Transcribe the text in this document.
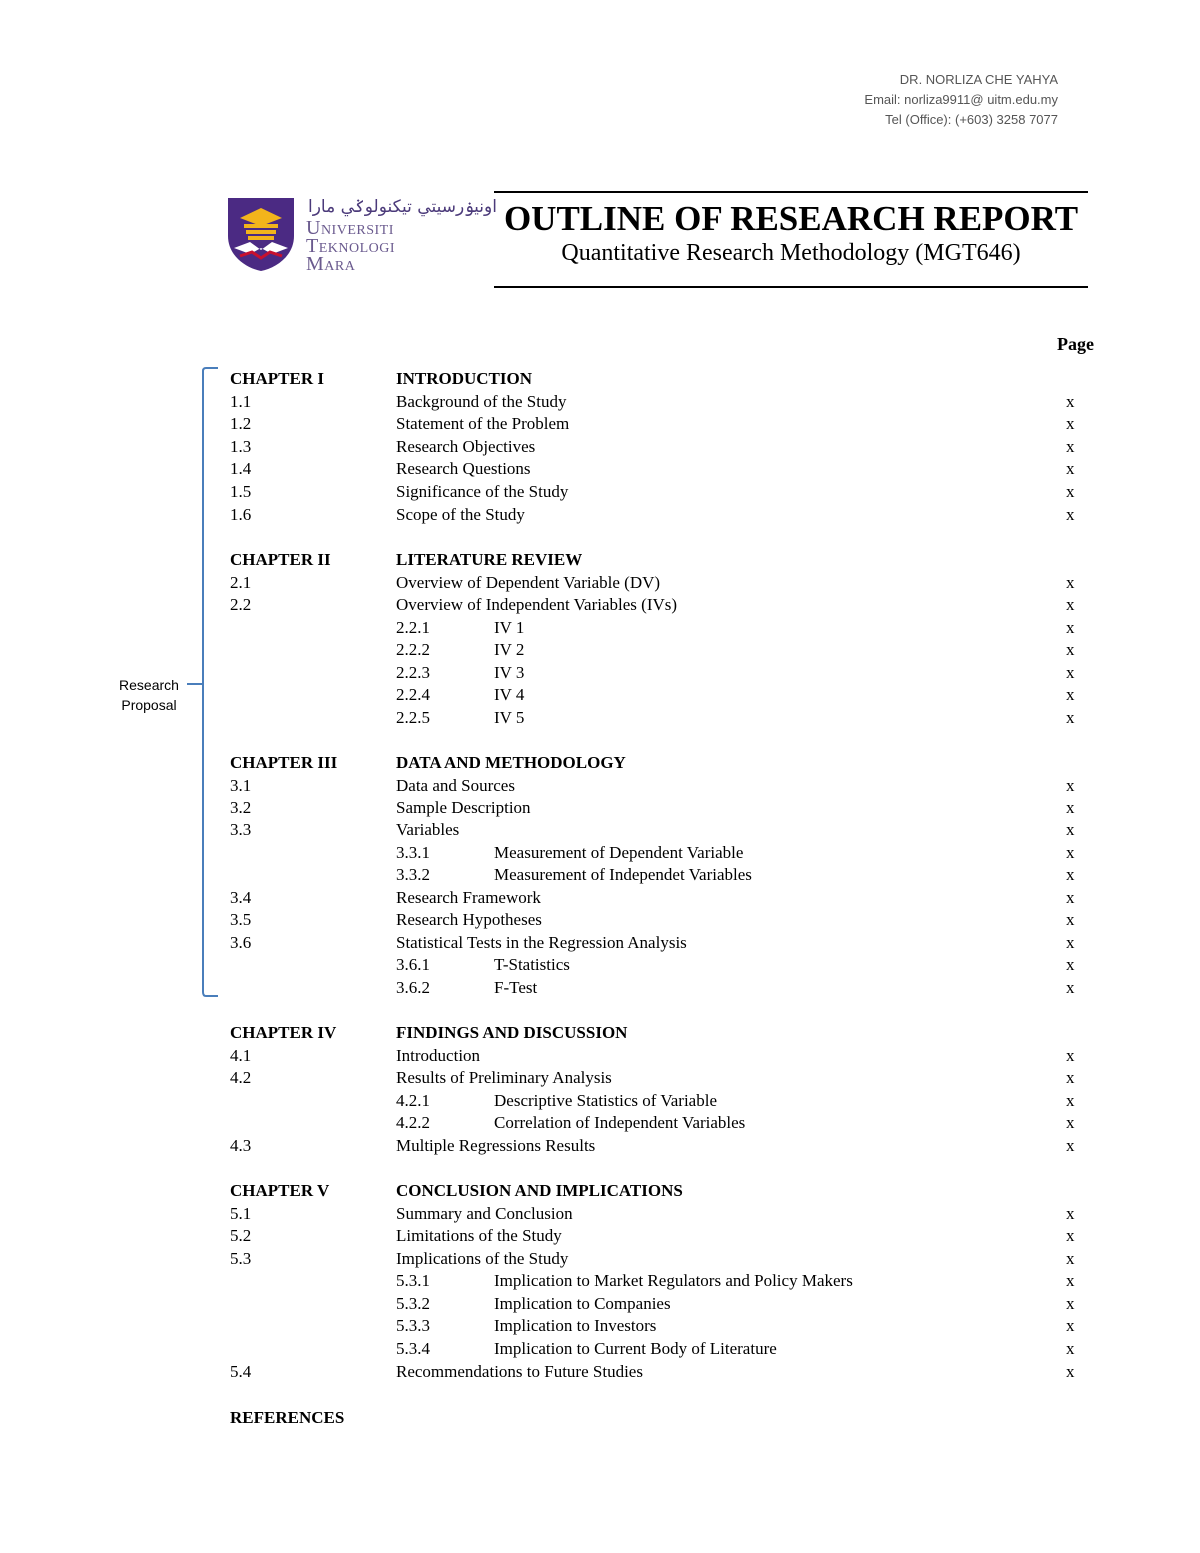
DR. NORLIZA CHE YAHYA
Email: norliza9911@ uitm.edu.my
Tel (Office): (+603) 3258 7077
اونيۏرسيتي تيكنولوݢي مارا
Universiti
Teknologi
Mara
OUTLINE OF RESEARCH REPORT
Quantitative Research Methodology (MGT646)
Page
Research
Proposal
CHAPTER I	INTRODUCTION
1.1	Background of the Study	x
1.2	Statement of the Problem	x
1.3	Research Objectives	x
1.4	Research Questions	x
1.5	Significance of the Study	x
1.6	Scope of the Study	x
CHAPTER II	LITERATURE REVIEW
2.1	Overview of Dependent Variable (DV)	x
2.2	Overview of Independent Variables (IVs)	x
2.2.1	IV 1	x
2.2.2	IV 2	x
2.2.3	IV 3	x
2.2.4	IV 4	x
2.2.5	IV 5	x
CHAPTER III	DATA AND METHODOLOGY
3.1	Data and Sources	x
3.2	Sample Description	x
3.3	Variables	x
3.3.1	Measurement of Dependent Variable	x
3.3.2	Measurement of Independet Variables	x
3.4	Research Framework	x
3.5	Research Hypotheses	x
3.6	Statistical Tests in the Regression Analysis	x
3.6.1	T-Statistics	x
3.6.2	F-Test	x
CHAPTER IV	FINDINGS AND DISCUSSION
4.1	Introduction	x
4.2	Results of Preliminary Analysis	x
4.2.1	Descriptive Statistics of Variable	x
4.2.2	Correlation of Independent Variables	x
4.3	Multiple Regressions Results	x
CHAPTER V	CONCLUSION AND IMPLICATIONS
5.1	Summary and Conclusion	x
5.2	Limitations of the Study	x
5.3	Implications of the Study	x
5.3.1	Implication to Market Regulators and Policy Makers	x
5.3.2	Implication to Companies	x
5.3.3	Implication to Investors	x
5.3.4	Implication to Current Body of Literature	x
5.4	Recommendations to Future Studies	x
REFERENCES
